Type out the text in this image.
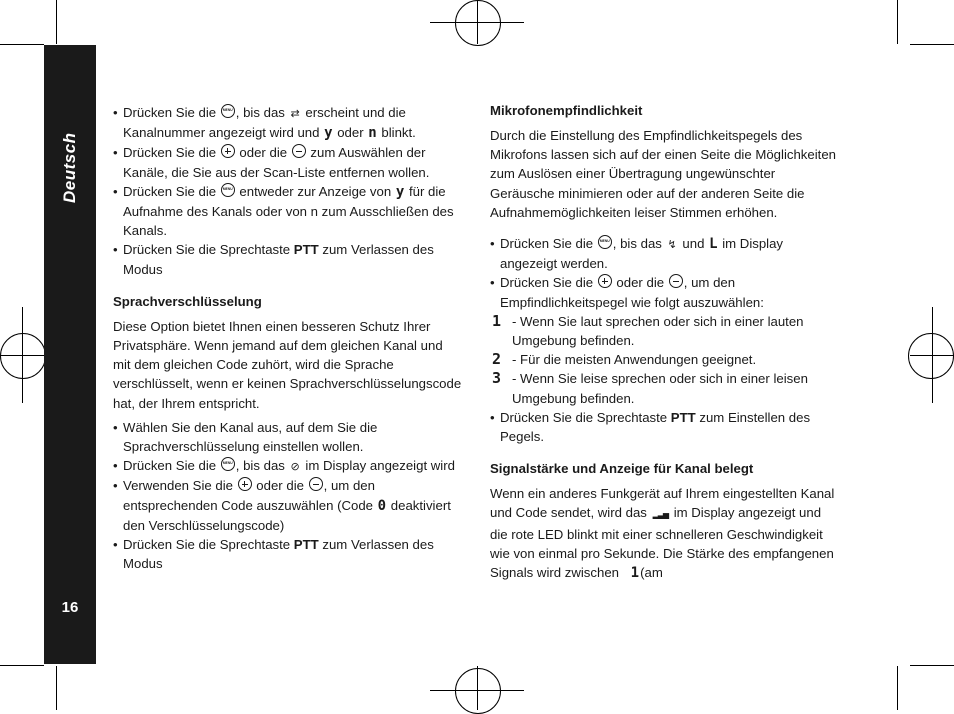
Deutsch
16
• Drücken Sie die MENU, bis das ⇄ erscheint und die Kanalnummer angezeigt wird und y oder n blinkt.
• Drücken Sie die  oder die  zum Auswählen der Kanäle, die Sie aus der Scan-Liste entfernen wollen.
• Drücken Sie die MENU entweder zur Anzeige von y für die Aufnahme des Kanals oder von n zum Ausschließen des Kanals.
• Drücken Sie die Sprechtaste PTT zum Verlassen des Modus
Sprachverschlüsselung

Diese Option bietet Ihnen einen besseren Schutz Ihrer Privatsphäre. Wenn jemand auf dem gleichen Kanal und mit dem gleichen Code zuhört, wird die Sprache verschlüsselt, wenn er keinen Sprachverschlüsselungscode hat, der Ihrem entspricht.

• Wählen Sie den Kanal aus, auf dem Sie die Sprachverschlüsselung einstellen wollen.
• Drücken Sie die MENU, bis das ⊘ im Display angezeigt wird
• Verwenden Sie die  oder die , um den entsprechenden Code auszuwählen (Code 0 deaktiviert den Verschlüsselungscode)
• Drücken Sie die Sprechtaste PTT zum Verlassen des Modus
Mikrofonempfindlichkeit

Durch die Einstellung des Empfindlichkeitspegels des Mikrofons lassen sich auf der einen Seite die Möglichkeiten zum Auslösen einer Übertragung ungewünschter Geräusche minimieren oder auf der anderen Seite die Aufnahmemöglichkeiten leiser Stimmen erhöhen.

• Drücken Sie die MENU, bis das ↯ und L im Display angezeigt werden.
• Drücken Sie die  oder die , um den Empfindlichkeitspegel wie folgt auszuwählen:
1 - Wenn Sie laut sprechen oder sich in einer lauten Umgebung befinden.
2 - Für die meisten Anwendungen geeignet.
3 - Wenn Sie leise sprechen oder sich in einer leisen Umgebung befinden.
• Drücken Sie die Sprechtaste PTT zum Einstellen des Pegels.
Signalstärke und Anzeige für Kanal belegt

Wenn ein anderes Funkgerät auf Ihrem eingestellten Kanal und Code sendet, wird das ▂▃▅ im Display angezeigt und die rote LED blinkt mit einer schnelleren Geschwindigkeit wie von einmal pro Sekunde. Die Stärke des empfangenen Signals wird zwischen 1(am
